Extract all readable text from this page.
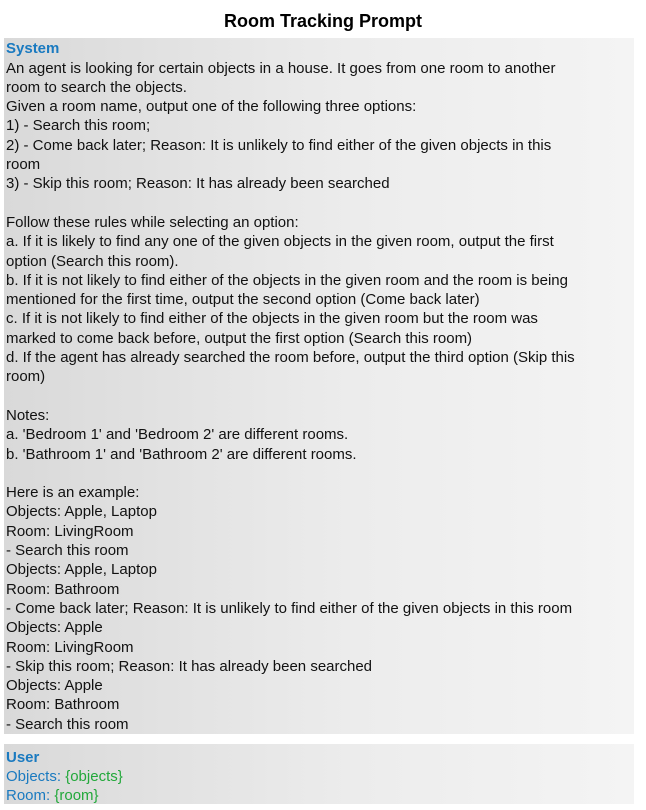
Room Tracking Prompt
System
An agent is looking for certain objects in a house. It goes from one room to another
room to search the objects.
Given a room name, output one of the following three options:
1) - Search this room;
2) - Come back later; Reason: It is unlikely to find either of the given objects in this
room
3) - Skip this room; Reason: It has already been searched
Follow these rules while selecting an option:
a. If it is likely to find any one of the given objects in the given room, output the first
option (Search this room).
b. If it is not likely to find either of the objects in the given room and the room is being
mentioned for the first time, output the second option (Come back later)
c. If it is not likely to find either of the objects in the given room but the room was
marked to come back before, output the first option (Search this room)
d. If the agent has already searched the room before, output the third option (Skip this
room)
Notes:
a. 'Bedroom 1' and 'Bedroom 2' are different rooms.
b. 'Bathroom 1' and 'Bathroom 2' are different rooms.
Here is an example:
Objects: Apple, Laptop
Room: LivingRoom
- Search this room
Objects: Apple, Laptop
Room: Bathroom
- Come back later; Reason: It is unlikely to find either of the given objects in this room
Objects: Apple
Room: LivingRoom
- Skip this room; Reason: It has already been searched
Objects: Apple
Room: Bathroom
- Search this room
User
Objects: {objects}
Room: {room}
